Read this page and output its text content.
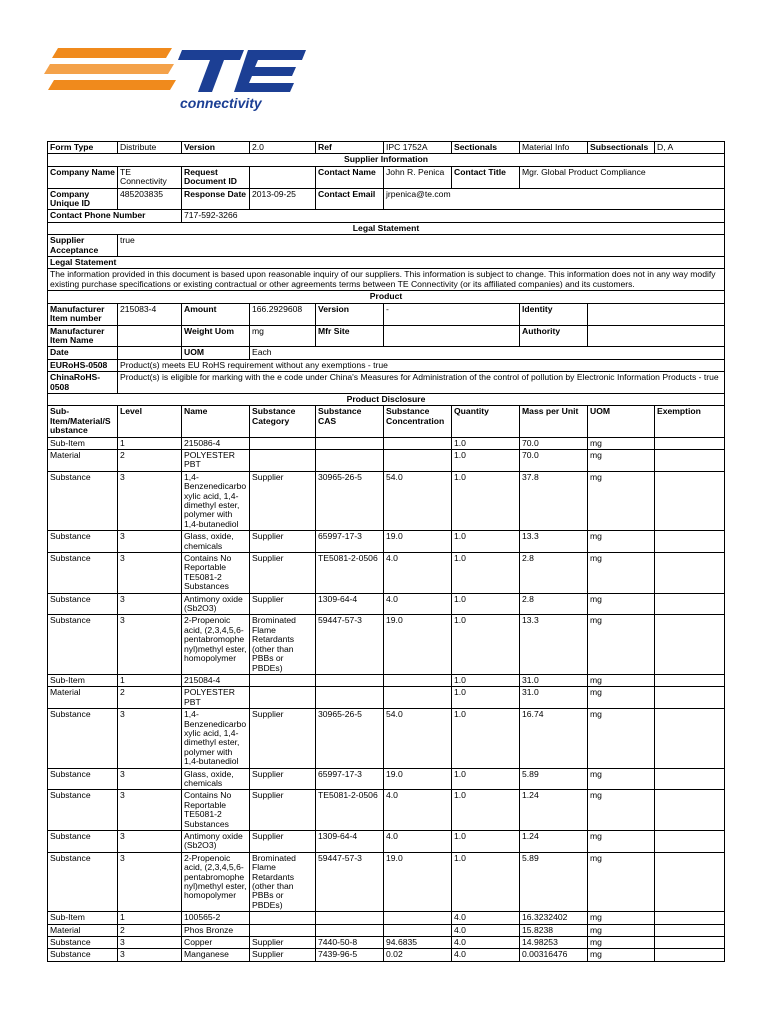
connectivity
Form Type	Distribute	Version	2.0	Ref	IPC 1752A	Sectionals	Material Info	Subsectionals	D, A
Supplier Information									
Company Name	TE Connectivity	Request Document ID		Contact Name	John R. Penica	Contact Title	Mgr. Global Product Compliance		
Company Unique ID	485203835	Response Date	2013-09-25	Contact Email	jrpenica@te.com				
Contact Phone Number		717-592-3266							
Legal Statement									
Supplier Acceptance	true								
Legal Statement									
The information provided in this document is based upon reasonable inquiry of our suppliers. This information is subject to change. This information does not in any way modify existing purchase specifications or existing contractual or other agreements terms between TE Connectivity (or its affiliated companies) and its customers.									
Product									
Manufacturer Item number	215083-4	Amount	166.2929608	Version	-		Identity		
Manufacturer Item Name		Weight Uom	mg	Mfr Site			Authority		
Date		UOM	Each						
EURoHS-0508	Product(s) meets EU RoHS requirement without any exemptions - true								
ChinaRoHS-0508	Product(s) is eligible for marking with the e code under China's Measures for Administration of the control of pollution by Electronic Information Products - true								
Product Disclosure									
Sub-Item/Material/Substance	Level	Name	Substance Category	Substance CAS	Substance Concentration	Quantity	Mass per Unit	UOM	Exemption
Sub-Item	1	215086-4				1.0	70.0	mg	
Material	2	POLYESTER PBT				1.0	70.0	mg	
Substance	3	1,4-Benzenedicarboxylic acid, 1,4-dimethyl ester, polymer with 1,4-butanediol	Supplier	30965-26-5	54.0	1.0	37.8	mg	
Substance	3	Glass, oxide, chemicals	Supplier	65997-17-3	19.0	1.0	13.3	mg	
Substance	3	Contains No Reportable TE5081-2 Substances	Supplier	TE5081-2-0506	4.0	1.0	2.8	mg	
Substance	3	Antimony oxide (Sb2O3)	Supplier	1309-64-4	4.0	1.0	2.8	mg	
Substance	3	2-Propenoic acid, (2,3,4,5,6-pentabromophenyl)methyl ester, homopolymer	Brominated Flame Retardants (other than PBBs or PBDEs)	59447-57-3	19.0	1.0	13.3	mg	
Sub-Item	1	215084-4				1.0	31.0	mg	
Material	2	POLYESTER PBT				1.0	31.0	mg	
Substance	3	1,4-Benzenedicarboxylic acid, 1,4-dimethyl ester, polymer with 1,4-butanediol	Supplier	30965-26-5	54.0	1.0	16.74	mg	
Substance	3	Glass, oxide, chemicals	Supplier	65997-17-3	19.0	1.0	5.89	mg	
Substance	3	Contains No Reportable TE5081-2 Substances	Supplier	TE5081-2-0506	4.0	1.0	1.24	mg	
Substance	3	Antimony oxide (Sb2O3)	Supplier	1309-64-4	4.0	1.0	1.24	mg	
Substance	3	2-Propenoic acid, (2,3,4,5,6-pentabromophenyl)methyl ester, homopolymer	Brominated Flame Retardants (other than PBBs or PBDEs)	59447-57-3	19.0	1.0	5.89	mg	
Sub-Item	1	100565-2				4.0	16.3232402	mg	
Material	2	Phos Bronze				4.0	15.8238	mg	
Substance	3	Copper	Supplier	7440-50-8	94.6835	4.0	14.98253	mg	
Substance	3	Manganese	Supplier	7439-96-5	0.02	4.0	0.00316476	mg	
